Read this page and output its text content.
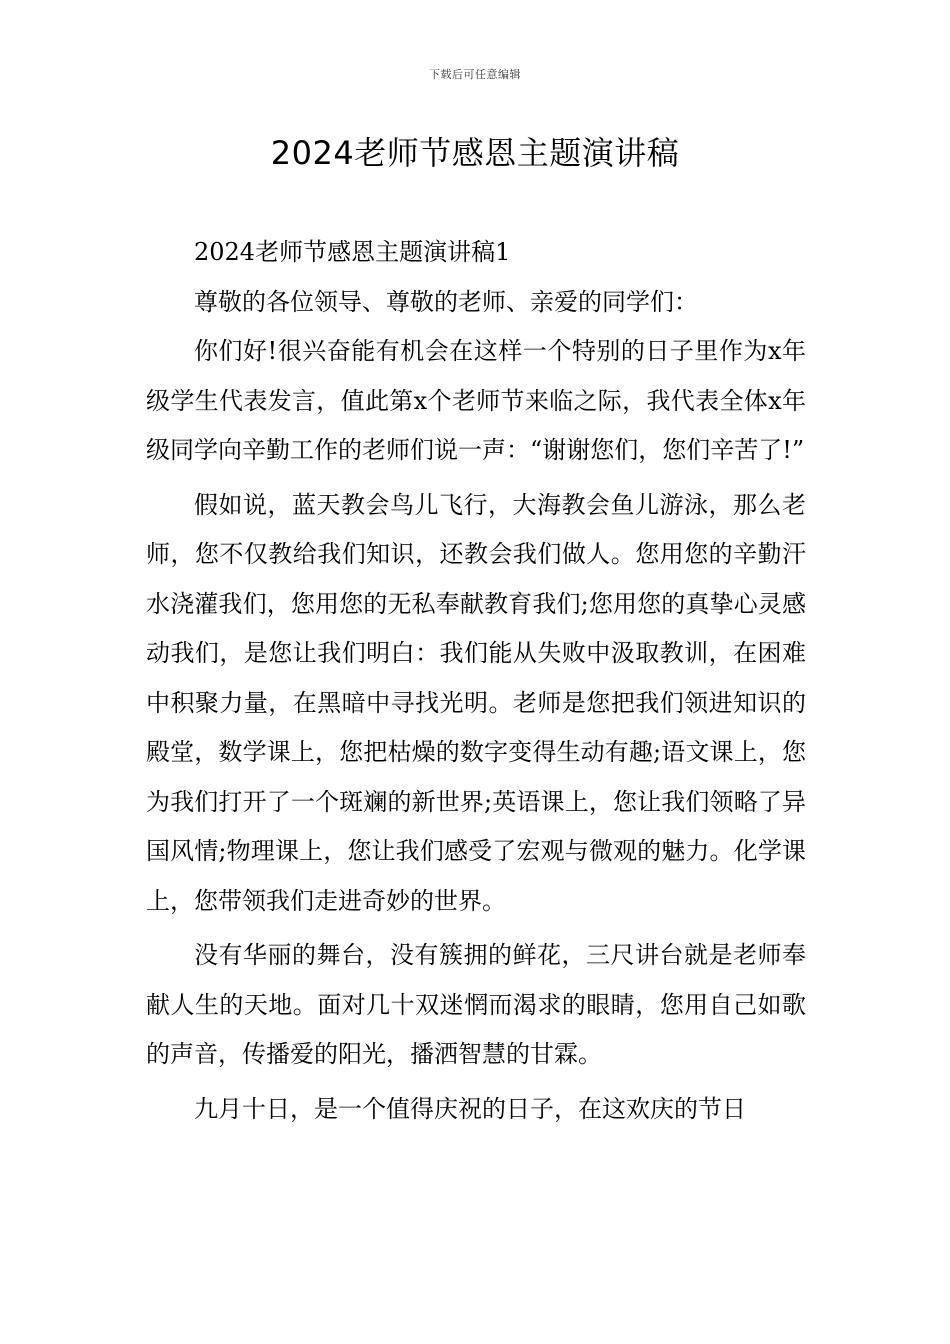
下载后可任意编辑
2024老师节感恩主题演讲稿

2024老师节感恩主题演讲稿1

尊敬的各位领导、尊敬的老师、亲爱的同学们：

你们好!很兴奋能有机会在这样一个特别的日子里作为x年级学生代表发言，值此第x个老师节来临之际，我代表全体x年级同学向辛勤工作的老师们说一声：“谢谢您们，您们辛苦了!”

假如说，蓝天教会鸟儿飞行，大海教会鱼儿游泳，那么老师，您不仅教给我们知识，还教会我们做人。您用您的辛勤汗水浇灌我们，您用您的无私奉献教育我们;您用您的真挚心灵感动我们，是您让我们明白：我们能从失败中汲取教训，在困难中积聚力量，在黑暗中寻找光明。老师是您把我们领进知识的殿堂，数学课上，您把枯燥的数字变得生动有趣;语文课上，您为我们打开了一个斑斓的新世界;英语课上，您让我们领略了异国风情;物理课上，您让我们感受了宏观与微观的魅力。化学课上，您带领我们走进奇妙的世界。

没有华丽的舞台，没有簇拥的鲜花，三尺讲台就是老师奉献人生的天地。面对几十双迷惘而渴求的眼睛，您用自己如歌的声音，传播爱的阳光，播洒智慧的甘霖。

九月十日，是一个值得庆祝的日子，在这欢庆的节日
